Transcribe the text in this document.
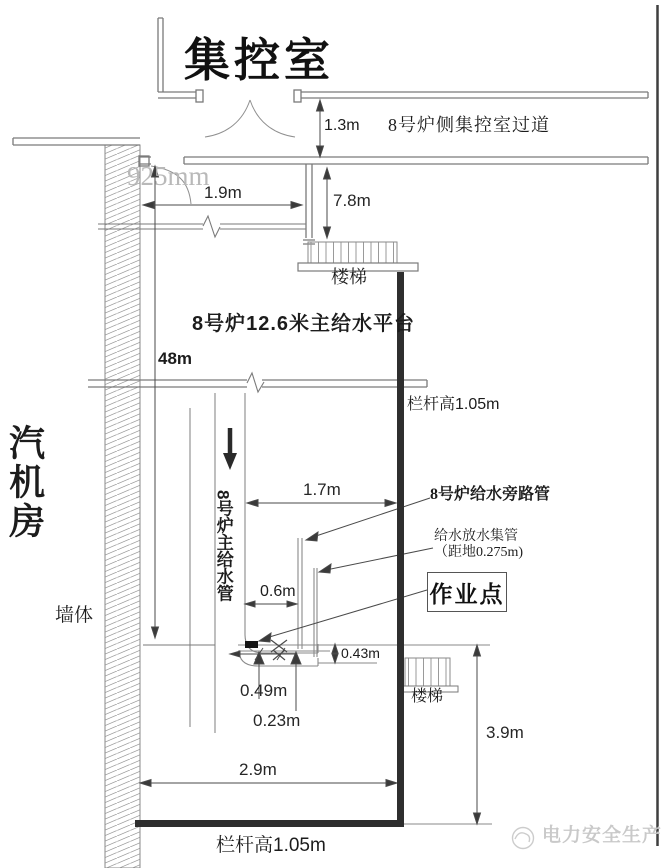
集控室
8号炉侧集控室过道
1.3m
925mm
1.9m	7.8m
楼梯
8号炉12.6米主给水平台
48m
栏杆高1.05m
汽机房
8号炉主给水管
1.7m	8号炉给水旁路管
给水放水集管
（距地0.275m)
作业点
0.6m
0.43m
0.49m
0.23m
墙体
楼梯
3.9m
2.9m
栏杆高1.05m	电力安全生产
